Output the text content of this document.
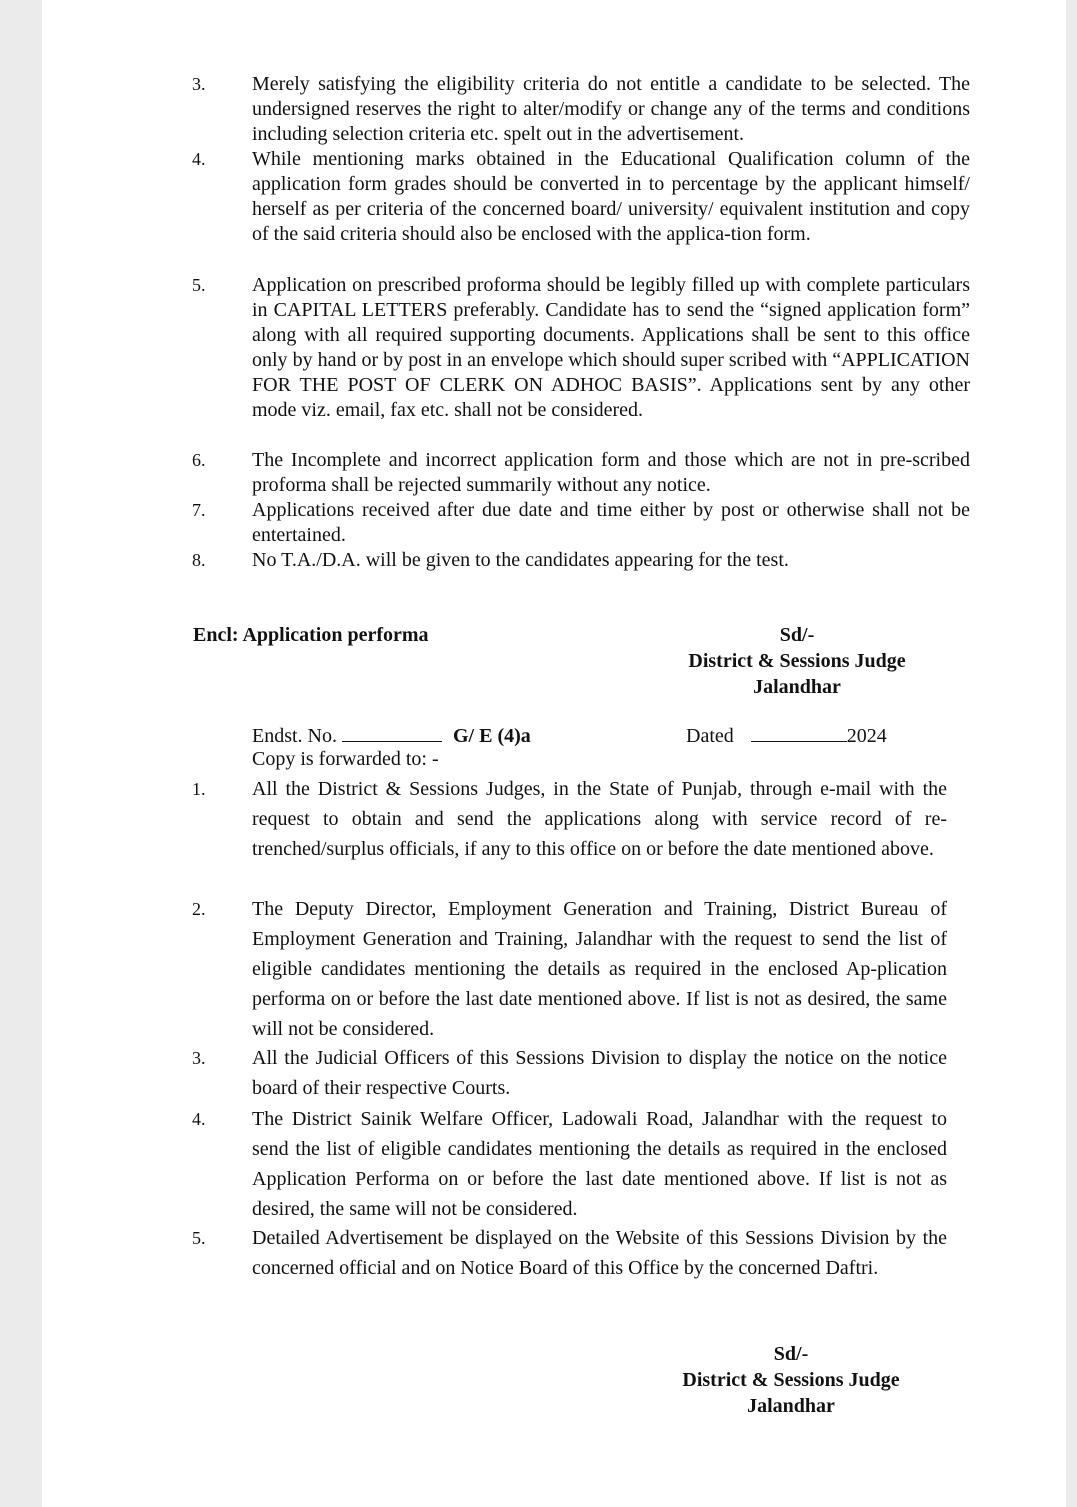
3. Merely satisfying the eligibility criteria do not entitle a candidate to be selected. The undersigned reserves the right to alter/modify or change any of the terms and conditions including selection criteria etc. spelt out in the advertisement.
4. While mentioning marks obtained in the Educational Qualification column of the application form grades should be converted in to percentage by the applicant himself/ herself as per criteria of the concerned board/ university/ equivalent institution and copy of the said criteria should also be enclosed with the applica-tion form.
5. Application on prescribed proforma should be legibly filled up with complete particulars in CAPITAL LETTERS preferably. Candidate has to send the “signed application form” along with all required supporting documents. Applications shall be sent to this office only by hand or by post in an envelope which should super scribed with “APPLICATION FOR THE POST OF CLERK ON ADHOC BASIS”. Applications sent by any other mode viz. email, fax etc. shall not be considered.
6. The Incomplete and incorrect application form and those which are not in pre-scribed proforma shall be rejected summarily without any notice.
7. Applications received after due date and time either by post or otherwise shall not be entertained.
8. No T.A./D.A. will be given to the candidates appearing for the test.
Encl: Application performa	Sd/-
District & Sessions Judge
Jalandhar
Endst. No.	G/ E (4)a	Dated	2024
Copy is forwarded to: -
1. All the District & Sessions Judges, in the State of Punjab, through e-mail with the request to obtain and send the applications along with service record of re-trenched/surplus officials, if any to this office on or before the date mentioned above.
2. The Deputy Director, Employment Generation and Training, District Bureau of Employment Generation and Training, Jalandhar with the request to send the list of eligible candidates mentioning the details as required in the enclosed Ap-plication performa on or before the last date mentioned above. If list is not as desired, the same will not be considered.
3. All the Judicial Officers of this Sessions Division to display the notice on the notice board of their respective Courts.
4. The District Sainik Welfare Officer, Ladowali Road, Jalandhar with the request to send the list of eligible candidates mentioning the details as required in the enclosed Application Performa on or before the last date mentioned above. If list is not as desired, the same will not be considered.
5. Detailed Advertisement be displayed on the Website of this Sessions Division by the concerned official and on Notice Board of this Office by the concerned Daftri.
Sd/-
District & Sessions Judge
Jalandhar
